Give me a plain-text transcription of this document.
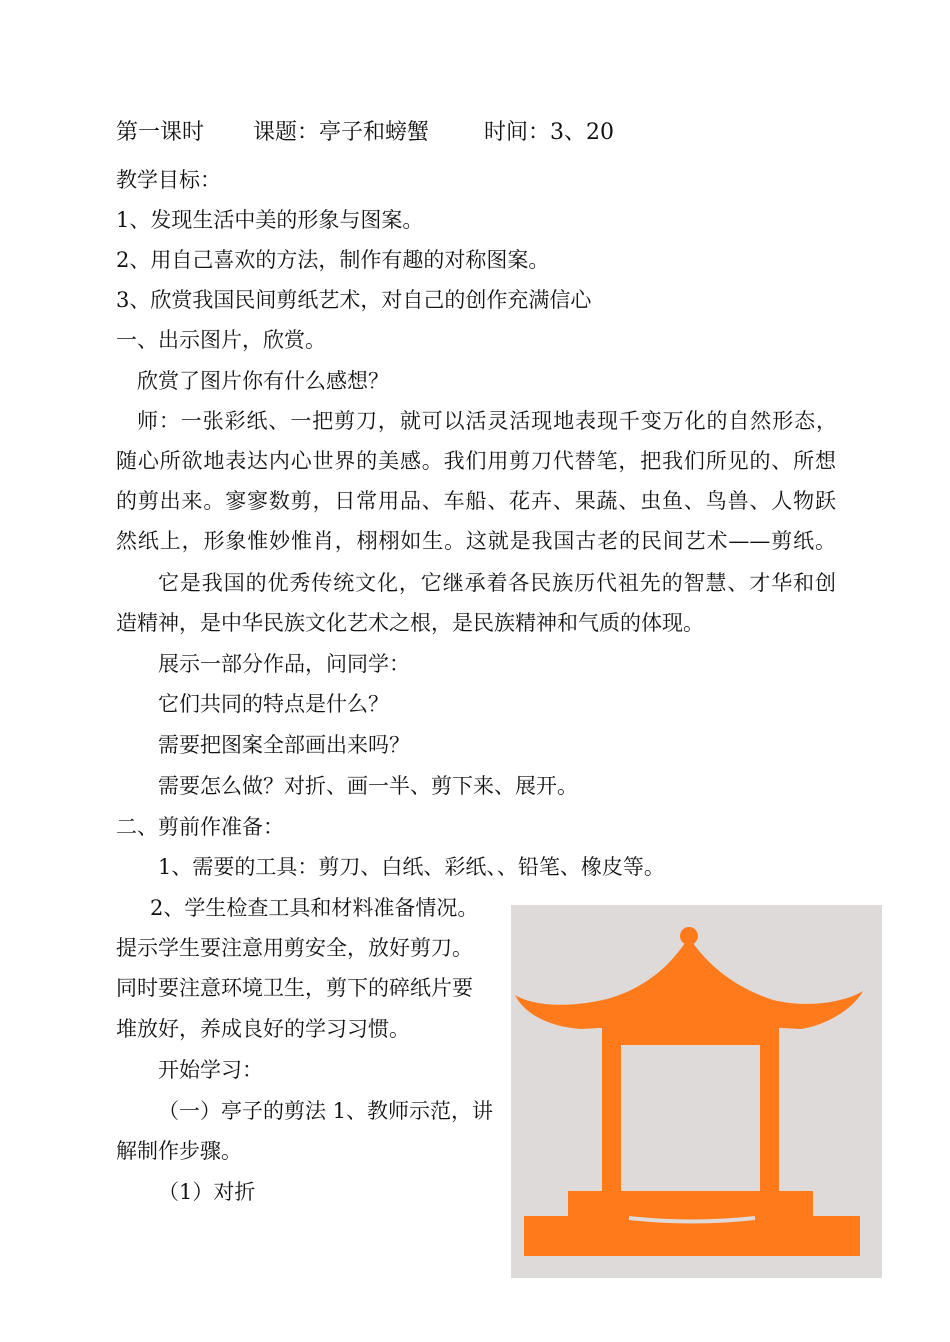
第一课时 课题：亭子和螃蟹	时间：3、20
教学目标：
1、发现生活中美的形象与图案。
2、用自己喜欢的方法，制作有趣的对称图案。
3、欣赏我国民间剪纸艺术，对自己的创作充满信心
一、出示图片，欣赏。
欣赏了图片你有什么感想？
师：一张彩纸、一把剪刀，就可以活灵活现地表现千变万化的自然形态，
随心所欲地表达内心世界的美感。我们用剪刀代替笔，把我们所见的、所想
的剪出来。寥寥数剪，日常用品、车船、花卉、果蔬、虫鱼、鸟兽、人物跃
然纸上，形象惟妙惟肖，栩栩如生。这就是我国古老的民间艺术——剪纸。
它是我国的优秀传统文化，它继承着各民族历代祖先的智慧、才华和创
造精神，是中华民族文化艺术之根，是民族精神和气质的体现。
展示一部分作品，问同学：
它们共同的特点是什么？
需要把图案全部画出来吗？
需要怎么做？对折、画一半、剪下来、展开。
二、剪前作准备：
1、需要的工具：剪刀、白纸、彩纸、、铅笔、橡皮等。
2、学生检查工具和材料准备情况。
提示学生要注意用剪安全，放好剪刀。
同时要注意环境卫生，剪下的碎纸片要
堆放好，养成良好的学习习惯。
开始学习：
（一）亭子的剪法 1、教师示范，讲
解制作步骤。
（1）对折
